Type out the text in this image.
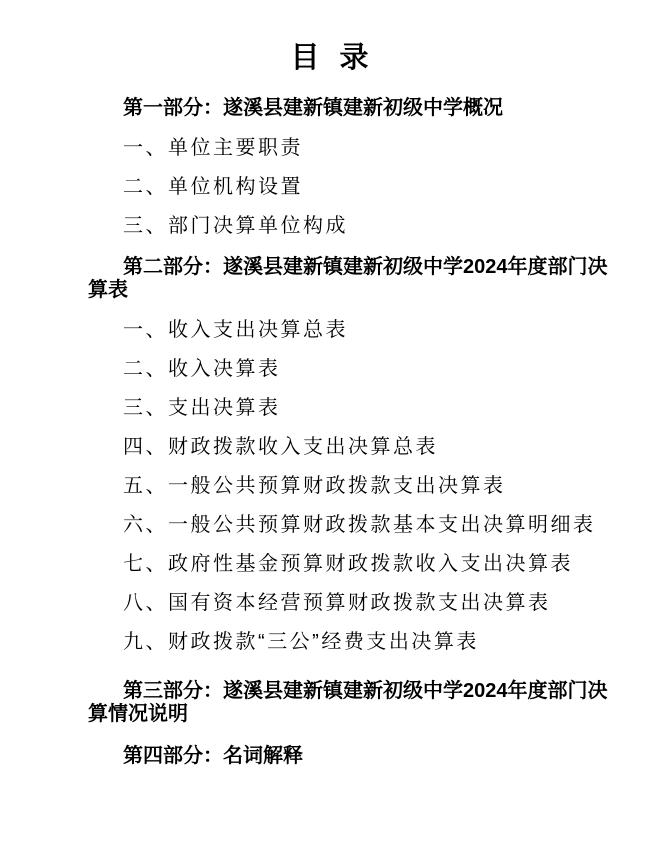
目 录

第一部分：遂溪县建新镇建新初级中学概况

一、单位主要职责

二、单位机构设置

三、部门决算单位构成

第二部分：遂溪县建新镇建新初级中学2024年度部门决
算表

一、收入支出决算总表

二、收入决算表

三、支出决算表

四、财政拨款收入支出决算总表

五、一般公共预算财政拨款支出决算表

六、一般公共预算财政拨款基本支出决算明细表

七、政府性基金预算财政拨款收入支出决算表

八、国有资本经营预算财政拨款支出决算表

九、财政拨款“三公”经费支出决算表

第三部分：遂溪县建新镇建新初级中学2024年度部门决
算情况说明

第四部分：名词解释
